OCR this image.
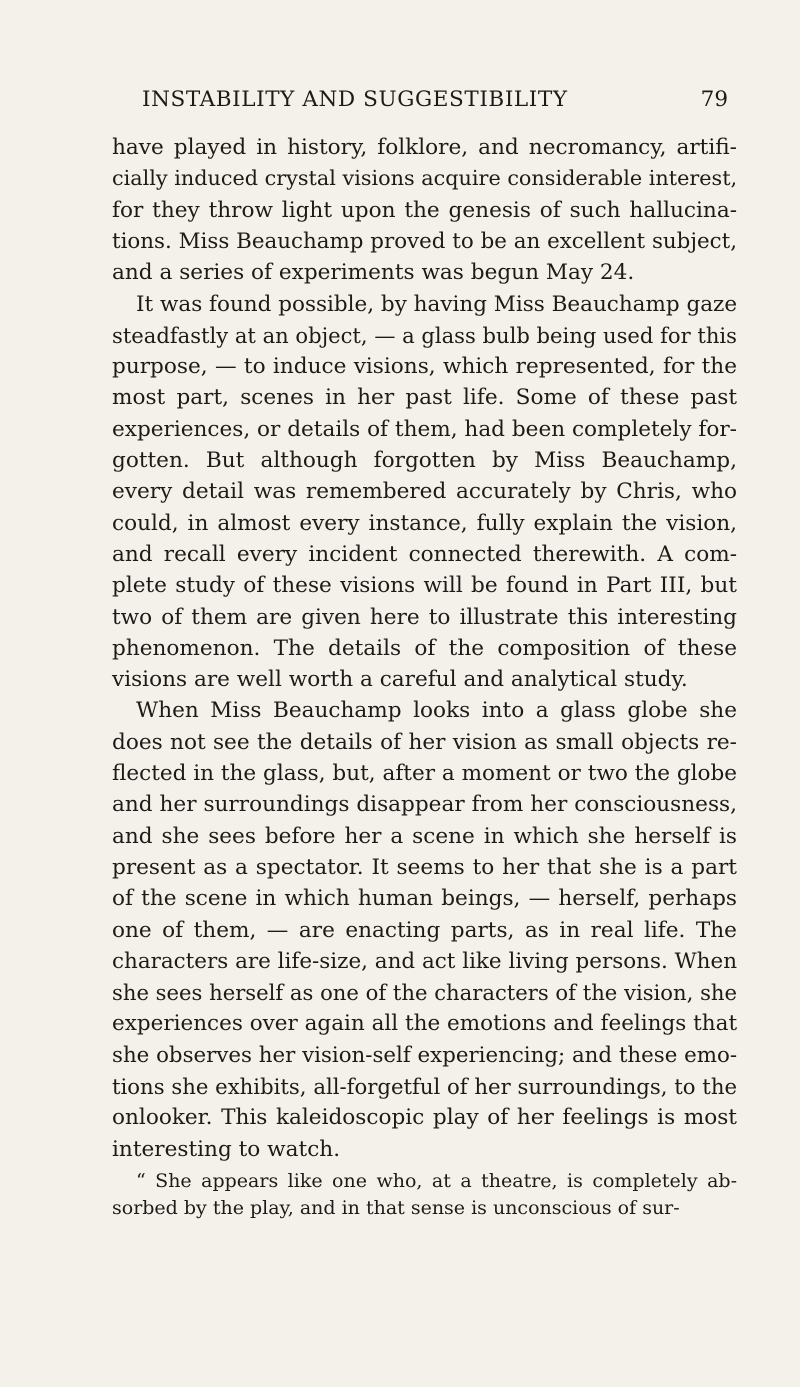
INSTABILITY AND SUGGESTIBILITY	79
have played in history, folklore, and necromancy, artifi-
cially induced crystal visions acquire considerable interest,
for they throw light upon the genesis of such hallucina-
tions. Miss Beauchamp proved to be an excellent subject,
and a series of experiments was begun May 24.
It was found possible, by having Miss Beauchamp gaze
steadfastly at an object, — a glass bulb being used for this
purpose, — to induce visions, which represented, for the
most part, scenes in her past life. Some of these past
experiences, or details of them, had been completely for-
gotten. But although forgotten by Miss Beauchamp,
every detail was remembered accurately by Chris, who
could, in almost every instance, fully explain the vision,
and recall every incident connected therewith. A com-
plete study of these visions will be found in Part III, but
two of them are given here to illustrate this interesting
phenomenon. The details of the composition of these
visions are well worth a careful and analytical study.
When Miss Beauchamp looks into a glass globe she
does not see the details of her vision as small objects re-
flected in the glass, but, after a moment or two the globe
and her surroundings disappear from her consciousness,
and she sees before her a scene in which she herself is
present as a spectator. It seems to her that she is a part
of the scene in which human beings, — herself, perhaps
one of them, — are enacting parts, as in real life. The
characters are life-size, and act like living persons. When
she sees herself as one of the characters of the vision, she
experiences over again all the emotions and feelings that
she observes her vision-self experiencing; and these emo-
tions she exhibits, all-forgetful of her surroundings, to the
onlooker. This kaleidoscopic play of her feelings is most
interesting to watch.
“ She appears like one who, at a theatre, is completely ab-
sorbed by the play, and in that sense is unconscious of sur-
